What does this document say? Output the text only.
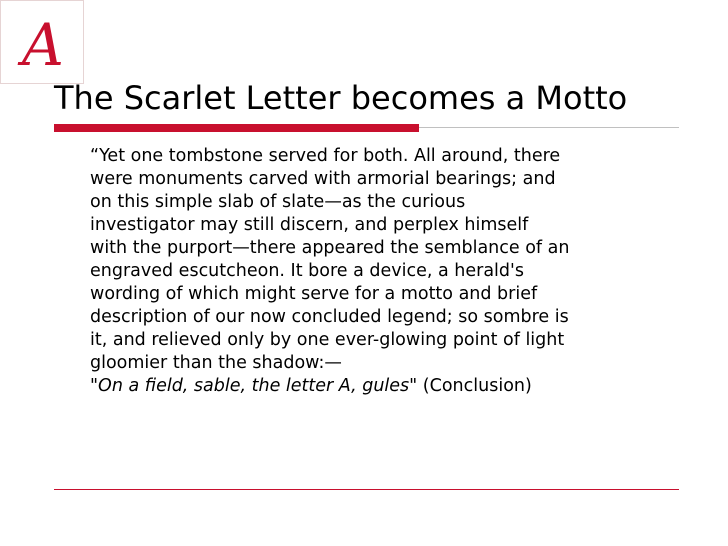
A
The Scarlet Letter becomes a Motto

“Yet one tombstone served for both. All around, there

were monuments carved with armorial bearings; and

on this simple slab of slate—as the curious

investigator may still discern, and perplex himself

with the purport—there appeared the semblance of an

engraved escutcheon. It bore a device, a herald's

wording of which might serve for a motto and brief

description of our now concluded legend; so sombre is

it, and relieved only by one ever-glowing point of light

gloomier than the shadow:—

"On a field, sable, the letter A, gules" (Conclusion)
